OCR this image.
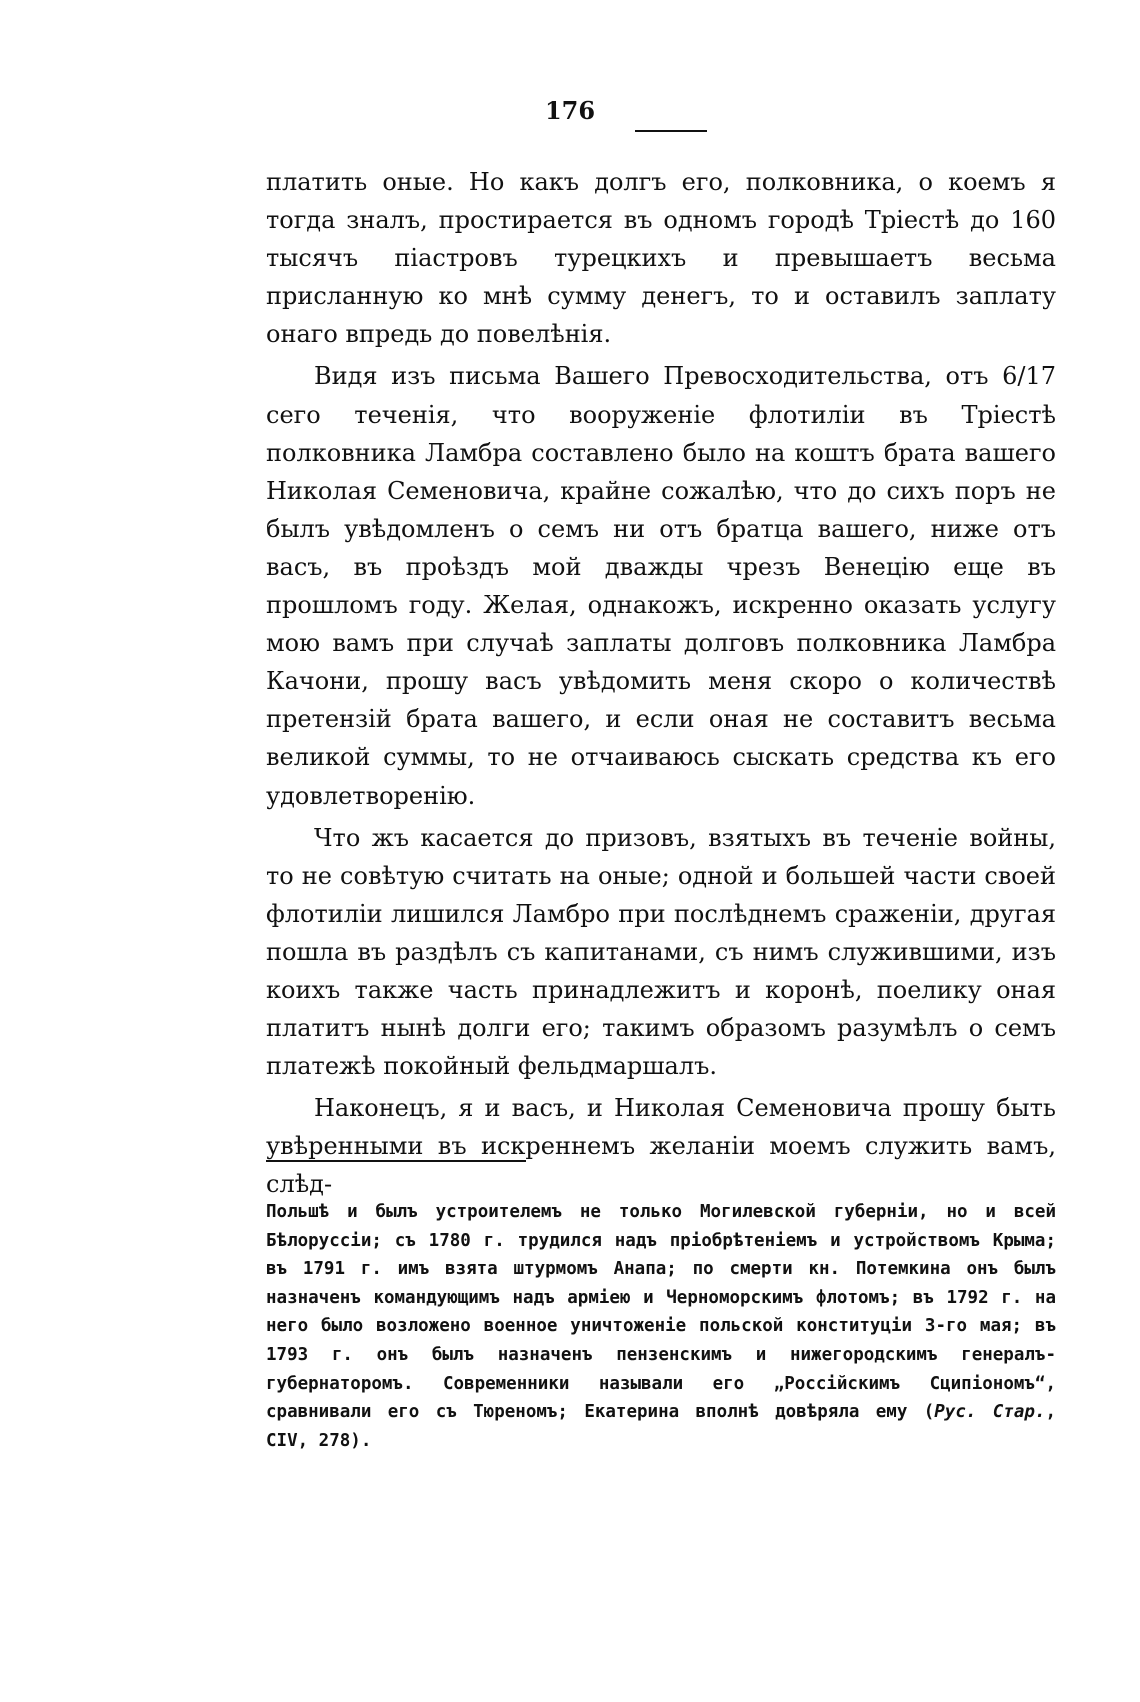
176

платить оные. Но какъ долгъ его, полковника, о коемъ я тогда зналъ, простирается въ одномъ городѣ Тріестѣ до 160 тысячъ піастровъ турецкихъ и превышаетъ весьма присланную ко мнѣ сумму денегъ, то и оставилъ заплату онаго впредь до повелѣнія.

Видя изъ письма Вашего Превосходительства, отъ 6/17 сего теченія, что вооруженіе флотиліи въ Тріестѣ полковника Ламбра составлено было на коштъ брата вашего Николая Семеновича, крайне сожалѣю, что до сихъ поръ не былъ увѣдомленъ о семъ ни отъ братца вашего, ниже отъ васъ, въ проѣздъ мой дважды чрезъ Венецію еще въ прошломъ году. Желая, однакожъ, искренно оказать услугу мою вамъ при случаѣ заплаты долговъ полковника Ламбра Качони, прошу васъ увѣдомить меня скоро о количествѣ претензій брата вашего, и если оная не составитъ весьма великой суммы, то не отчаиваюсь сыскать средства къ его удовлетворенію.

Что жъ касается до призовъ, взятыхъ въ теченіе войны, то не совѣтую считать на оные; одной и большей части своей флотиліи лишился Ламбро при послѣднемъ сраженіи, другая пошла въ раздѣлъ съ капитанами, съ нимъ служившими, изъ коихъ также часть принадлежитъ и коронѣ, поелику оная платитъ нынѣ долги его; такимъ образомъ разумѣлъ о семъ платежѣ покойный фельдмаршалъ.

Наконецъ, я и васъ, и Николая Семеновича прошу быть увѣренными въ искреннемъ желаніи моемъ служить вамъ, слѣд-

Польшѣ и былъ устроителемъ не только Могилевской губерніи, но и всей Бѣлоруссіи; съ 1780 г. трудился надъ пріобрѣтеніемъ и устройствомъ Крыма; въ 1791 г. имъ взята штурмомъ Анапа; по смерти кн. Потемкина онъ былъ назначенъ командующимъ надъ арміею и Черноморскимъ флотомъ; въ 1792 г. на него было возложено военное уничтоженіе польской конституціи 3-го мая; въ 1793 г. онъ былъ назначенъ пензенскимъ и нижегородскимъ генералъ-губернаторомъ. Современники называли его „Россійскимъ Сципіономъ“, сравнивали его съ Тюреномъ; Екатерина вполнѣ довѣряла ему (Рус. Стар., CIV, 278).
